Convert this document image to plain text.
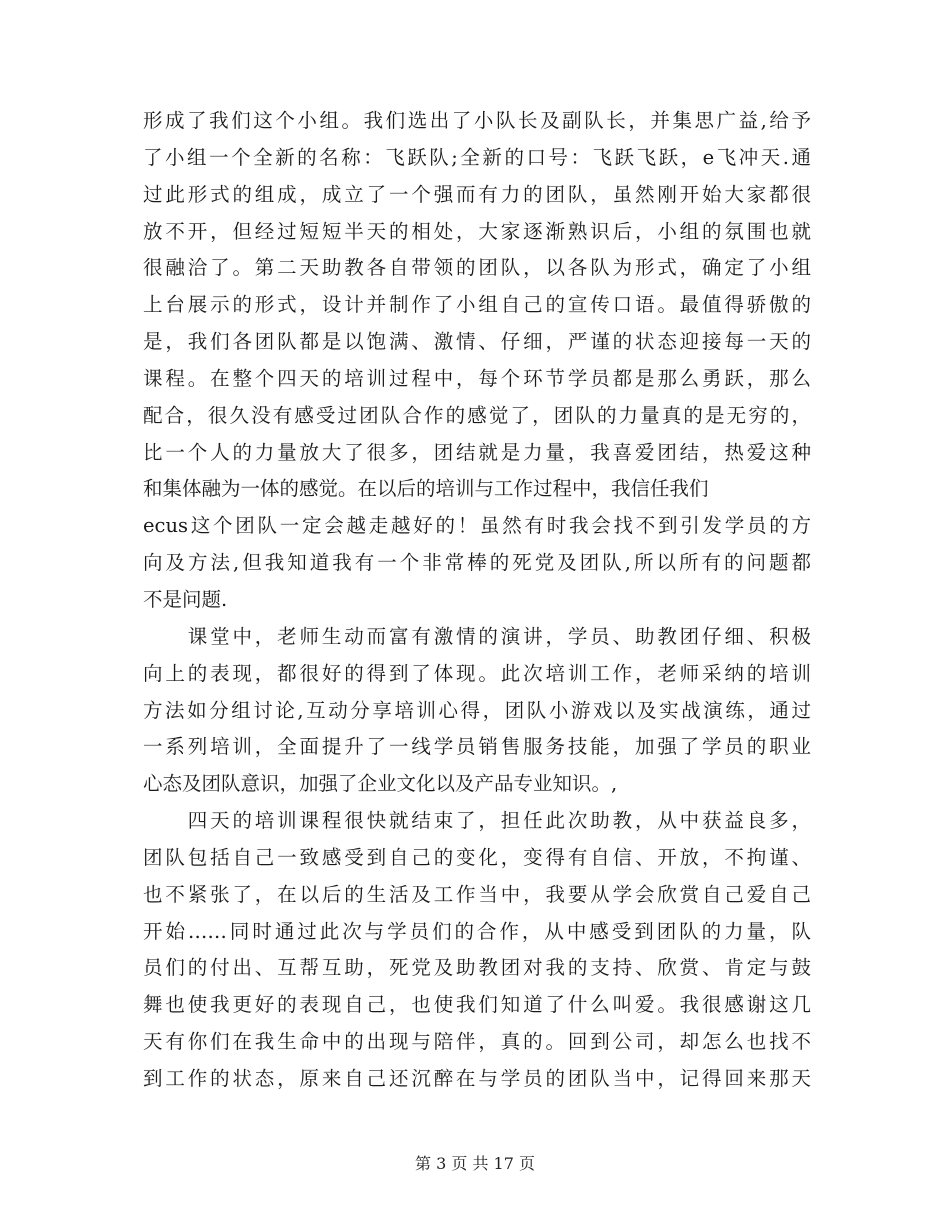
形成了我们这个小组。我们选出了小队长及副队长，并集思广益,给予
了小组一个全新的名称：飞跃队;全新的口号：飞跃飞跃，e飞冲天.通
过此形式的组成，成立了一个强而有力的团队，虽然刚开始大家都很
放不开，但经过短短半天的相处，大家逐渐熟识后，小组的氛围也就
很融洽了。第二天助教各自带领的团队，以各队为形式，确定了小组
上台展示的形式，设计并制作了小组自己的宣传口语。最值得骄傲的
是，我们各团队都是以饱满、激情、仔细，严谨的状态迎接每一天的
课程。在整个四天的培训过程中，每个环节学员都是那么勇跃，那么
配合，很久没有感受过团队合作的感觉了，团队的力量真的是无穷的，
比一个人的力量放大了很多，团结就是力量，我喜爱团结，热爱这种
和集体融为一体的感觉。在以后的培训与工作过程中，我信任我们
ecus这个团队一定会越走越好的！虽然有时我会找不到引发学员的方
向及方法,但我知道我有一个非常棒的死党及团队,所以所有的问题都
不是问题.
　　课堂中，老师生动而富有激情的演讲，学员、助教团仔细、积极
向上的表现，都很好的得到了体现。此次培训工作，老师采纳的培训
方法如分组讨论,互动分享培训心得，团队小游戏以及实战演练，通过
一系列培训，全面提升了一线学员销售服务技能，加强了学员的职业
心态及团队意识，加强了企业文化以及产品专业知识。,
　　四天的培训课程很快就结束了，担任此次助教，从中获益良多，
团队包括自己一致感受到自己的变化，变得有自信、开放，不拘谨、
也不紧张了，在以后的生活及工作当中，我要从学会欣赏自己爱自己
开始……同时通过此次与学员们的合作，从中感受到团队的力量，队
员们的付出、互帮互助，死党及助教团对我的支持、欣赏、肯定与鼓
舞也使我更好的表现自己，也使我们知道了什么叫爱。我很感谢这几
天有你们在我生命中的出现与陪伴，真的。回到公司，却怎么也找不
到工作的状态，原来自己还沉醉在与学员的团队当中，记得回来那天
第 3 页 共 17 页
